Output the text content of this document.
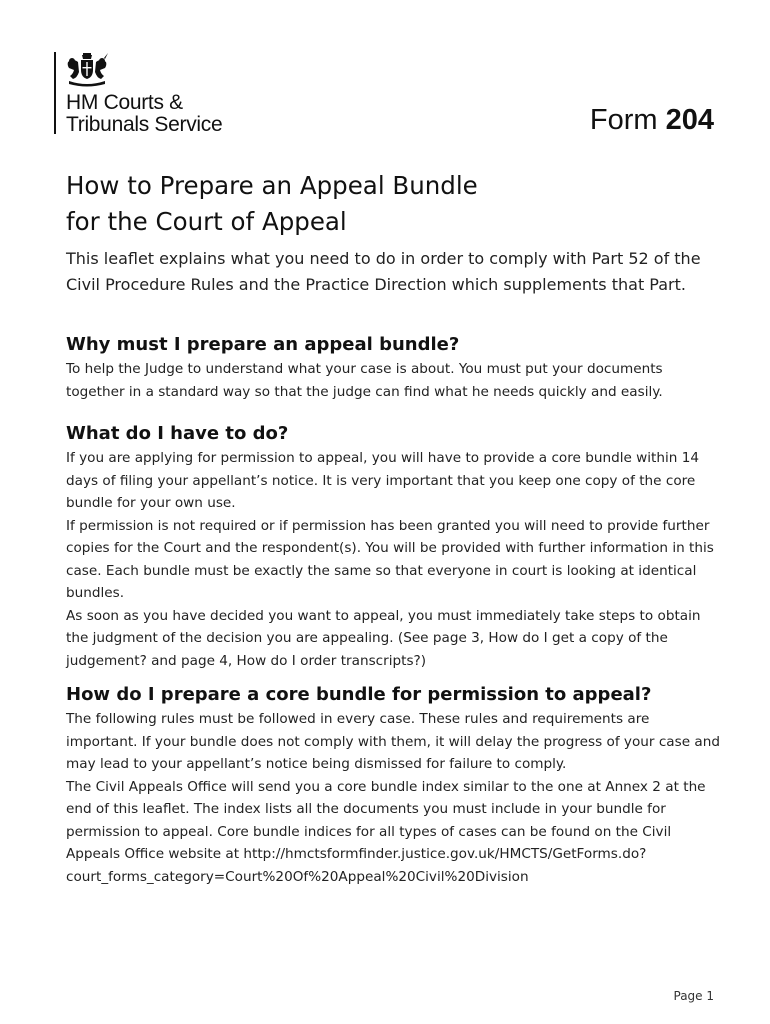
HM Courts &
Tribunals Service	Form 204
How to Prepare an Appeal Bundle
for the Court of Appeal

This leaflet explains what you need to do in order to comply with Part 52 of the Civil Procedure Rules and the Practice Direction which supplements that Part.

Why must I prepare an appeal bundle?

To help the Judge to understand what your case is about. You must put your documents together in a standard way so that the judge can find what he needs quickly and easily.

What do I have to do?

If you are applying for permission to appeal, you will have to provide a core bundle within 14 days of filing your appellant’s notice. It is very important that you keep one copy of the core bundle for your own use.

If permission is not required or if permission has been granted you will need to provide further copies for the Court and the respondent(s). You will be provided with further information in this case. Each bundle must be exactly the same so that everyone in court is looking at identical bundles.

As soon as you have decided you want to appeal, you must immediately take steps to obtain the judgment of the decision you are appealing. (See page 3, How do I get a copy of the judgement? and page 4, How do I order transcripts?)

How do I prepare a core bundle for permission to appeal?

The following rules must be followed in every case. These rules and requirements are important. If your bundle does not comply with them, it will delay the progress of your case and may lead to your appellant’s notice being dismissed for failure to comply.

The Civil Appeals Office will send you a core bundle index similar to the one at Annex 2 at the end of this leaflet. The index lists all the documents you must include in your bundle for permission to appeal. Core bundle indices for all types of cases can be found on the Civil Appeals Office website at http://hmctsformfinder.justice.gov.uk/HMCTS/GetForms.do?court_forms_category=Court%20Of%20Appeal%20Civil%20Division

Page 1
